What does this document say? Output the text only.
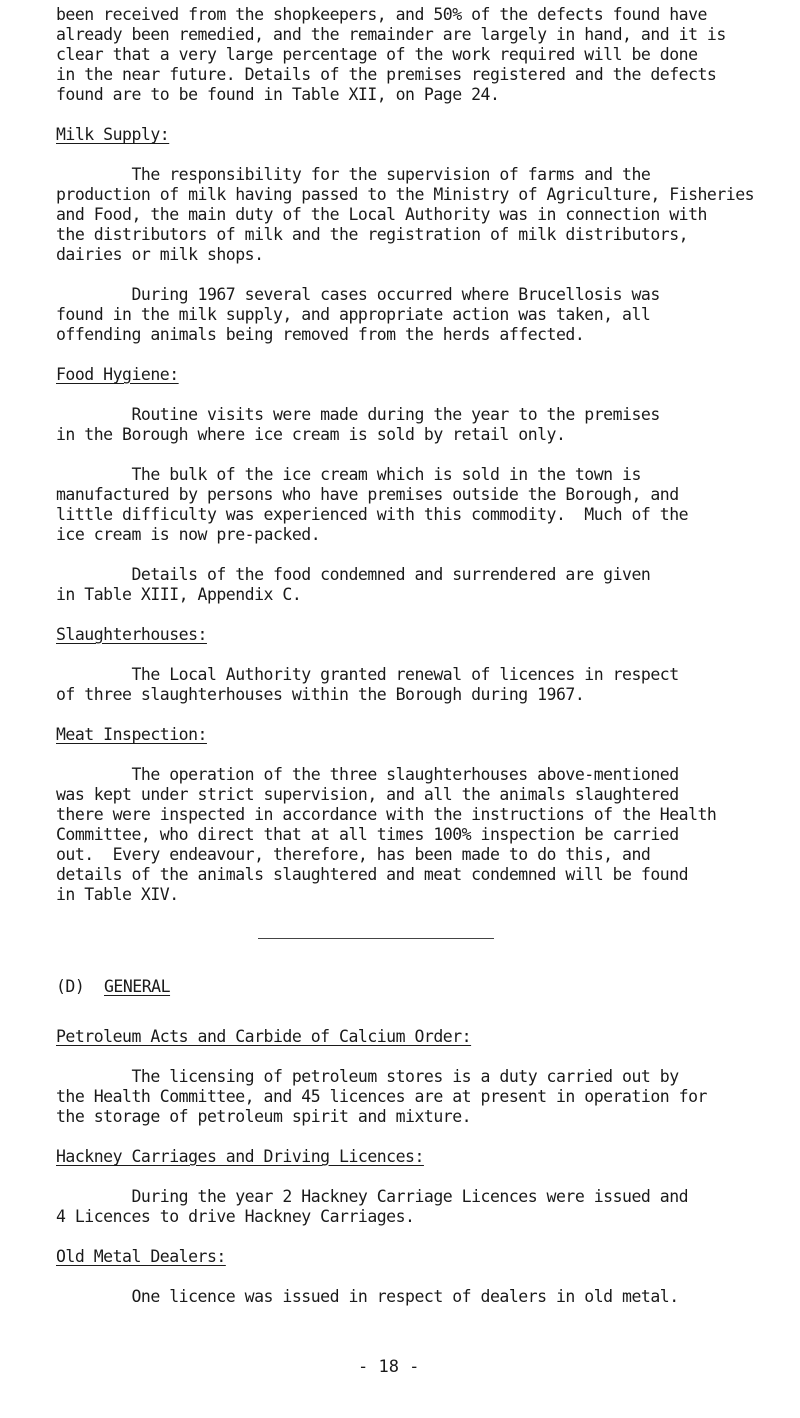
been received from the shopkeepers, and 50% of the defects found have
already been remedied, and the remainder are largely in hand, and it is
clear that a very large percentage of the work required will be done
in the near future. Details of the premises registered and the defects
found are to be found in Table XII, on Page 24.
Milk Supply:
The responsibility for the supervision of farms and the
production of milk having passed to the Ministry of Agriculture, Fisheries
and Food, the main duty of the Local Authority was in connection with
the distributors of milk and the registration of milk distributors,
dairies or milk shops.
During 1967 several cases occurred where Brucellosis was
found in the milk supply, and appropriate action was taken, all
offending animals being removed from the herds affected.
Food Hygiene:
Routine visits were made during the year to the premises
in the Borough where ice cream is sold by retail only.
The bulk of the ice cream which is sold in the town is
manufactured by persons who have premises outside the Borough, and
little difficulty was experienced with this commodity.  Much of the
ice cream is now pre-packed.
Details of the food condemned and surrendered are given
in Table XIII, Appendix C.
Slaughterhouses:
The Local Authority granted renewal of licences in respect
of three slaughterhouses within the Borough during 1967.
Meat Inspection:
The operation of the three slaughterhouses above-mentioned
was kept under strict supervision, and all the animals slaughtered
there were inspected in accordance with the instructions of the Health
Committee, who direct that at all times 100% inspection be carried
out.  Every endeavour, therefore, has been made to do this, and
details of the animals slaughtered and meat condemned will be found
in Table XIV.
(D) GENERAL
Petroleum Acts and Carbide of Calcium Order:
The licensing of petroleum stores is a duty carried out by
the Health Committee, and 45 licences are at present in operation for
the storage of petroleum spirit and mixture.
Hackney Carriages and Driving Licences:
During the year 2 Hackney Carriage Licences were issued and
4 Licences to drive Hackney Carriages.
Old Metal Dealers:
One licence was issued in respect of dealers in old metal.
- 18 -
